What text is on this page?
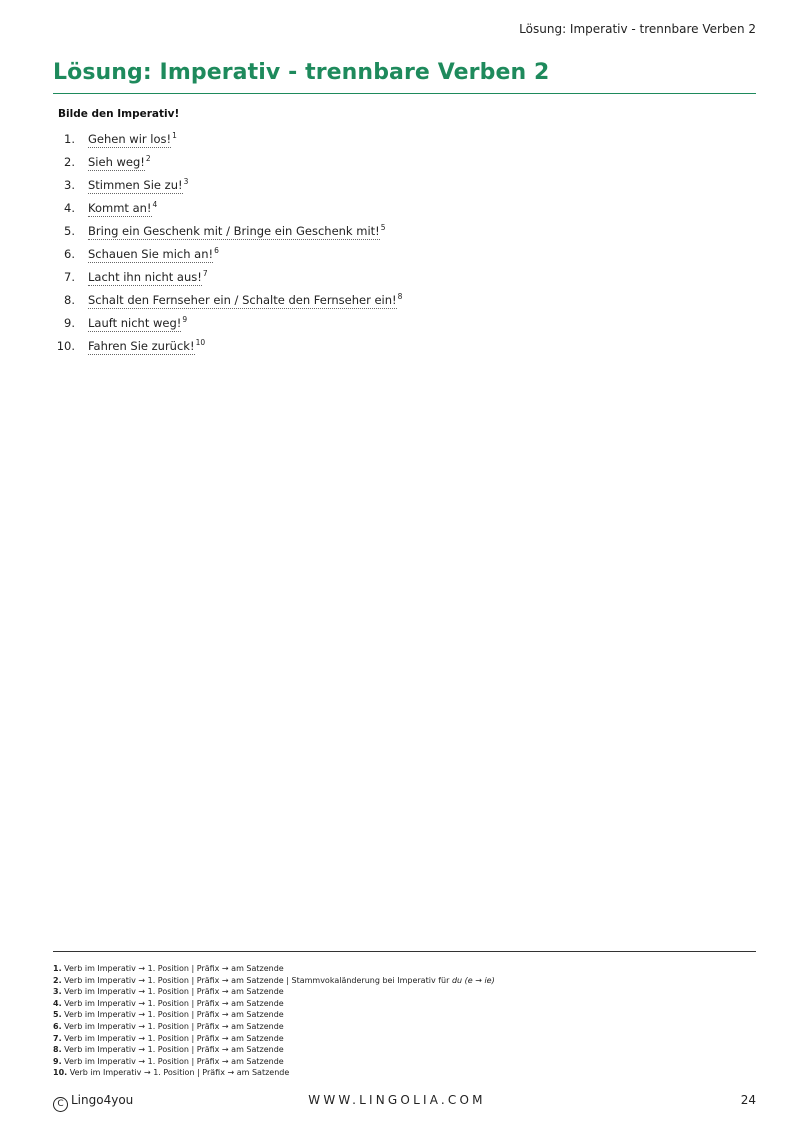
Lösung: Imperativ - trennbare Verben 2
Lösung: Imperativ - trennbare Verben 2
Bilde den Imperativ!
1. Gehen wir los!$^1$
2. Sieh weg!$^2$
3. Stimmen Sie zu!$^3$
4. Kommt an!$^4$
5. Bring ein Geschenk mit / Bringe ein Geschenk mit!$^5$
6. Schauen Sie mich an!$^6$
7. Lacht ihn nicht aus!$^7$
8. Schalt den Fernseher ein / Schalte den Fernseher ein!$^8$
9. Lauft nicht weg!$^9$
10. Fahren Sie zurück!$^{10}$
1. Verb im Imperativ → 1. Position | Präfix → am Satzende
2. Verb im Imperativ → 1. Position | Präfix → am Satzende | Stammvokaländerung bei Imperativ für du (e → ie)
3. Verb im Imperativ → 1. Position | Präfix → am Satzende
4. Verb im Imperativ → 1. Position | Präfix → am Satzende
5. Verb im Imperativ → 1. Position | Präfix → am Satzende
6. Verb im Imperativ → 1. Position | Präfix → am Satzende
7. Verb im Imperativ → 1. Position | Präfix → am Satzende
8. Verb im Imperativ → 1. Position | Präfix → am Satzende
9. Verb im Imperativ → 1. Position | Präfix → am Satzende
10. Verb im Imperativ → 1. Position | Präfix → am Satzende
C Lingo4you	WWW.LINGOLIA.COM	24
